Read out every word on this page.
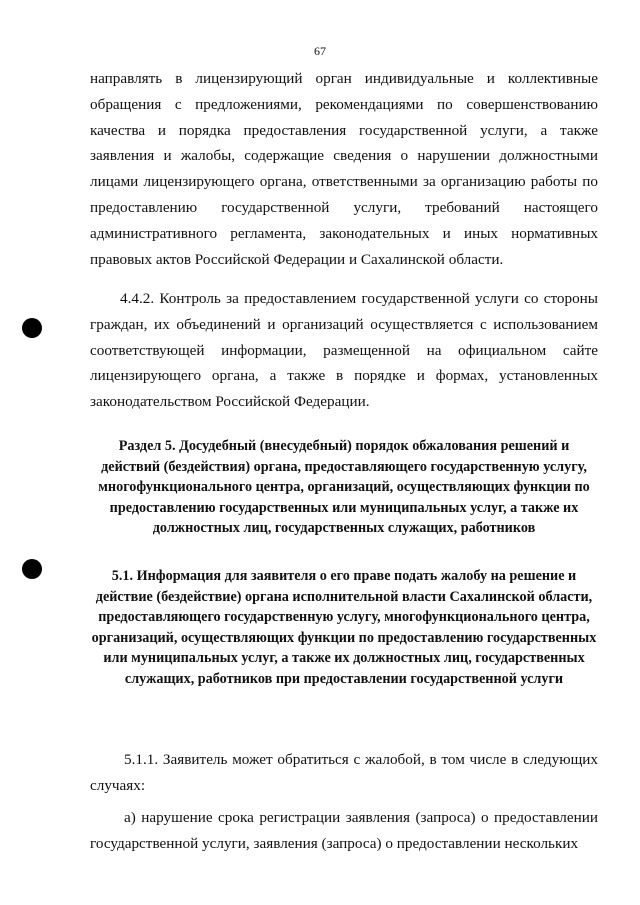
67

направлять в лицензирующий орган индивидуальные и коллективные обращения с предложениями, рекомендациями по совершенствованию качества и порядка предоставления государственной услуги, а также заявления и жалобы, содержащие сведения о нарушении должностными лицами лицензирующего органа, ответственными за организацию работы по предоставлению государственной услуги, требований настоящего административного регламента, законодательных и иных нормативных правовых актов Российской Федерации и Сахалинской области.

4.4.2. Контроль за предоставлением государственной услуги со стороны граждан, их объединений и организаций осуществляется с использованием соответствующей информации, размещенной на официальном сайте лицензирующего органа, а также в порядке и формах, установленных законодательством Российской Федерации.

Раздел 5. Досудебный (внесудебный) порядок обжалования решений и действий (бездействия) органа, предоставляющего государственную услугу, многофункционального центра, организаций, осуществляющих функции по предоставлению государственных или муниципальных услуг, а также их должностных лиц, государственных служащих, работников
5.1. Информация для заявителя о его праве подать жалобу на решение и действие (бездействие) органа исполнительной власти Сахалинской области, предоставляющего государственную услугу, многофункционального центра, организаций, осуществляющих функции по предоставлению государственных или муниципальных услуг, а также их должностных лиц, государственных служащих, работников при предоставлении государственной услуги

5.1.1. Заявитель может обратиться с жалобой, в том числе в следующих случаях:

а) нарушение срока регистрации заявления (запроса) о предоставлении государственной услуги, заявления (запроса) о предоставлении нескольких
